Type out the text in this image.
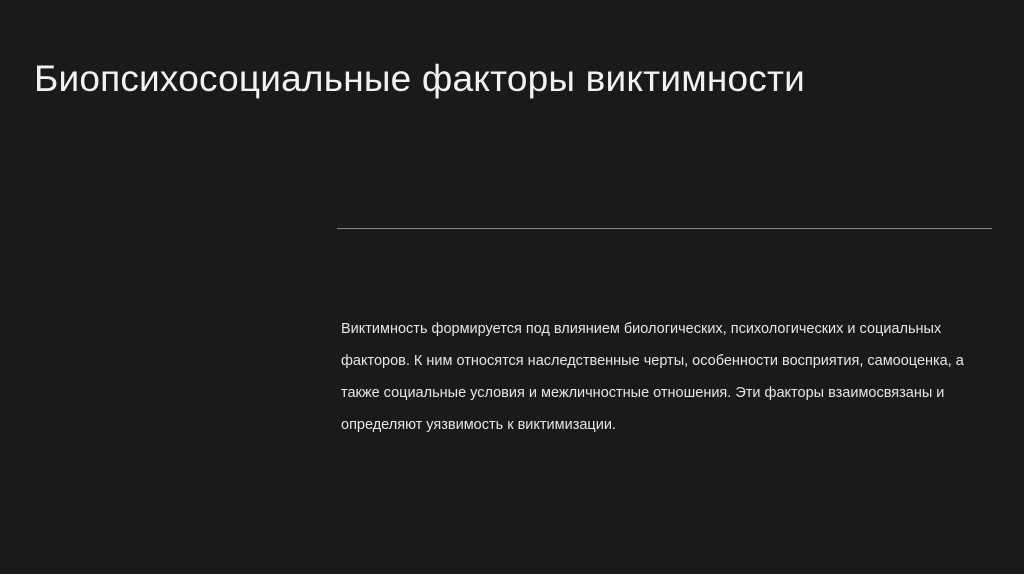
Биопсихосоциальные факторы виктимности

Виктимность формируется под влиянием биологических, психологических и социальных факторов. К ним относятся наследственные черты, особенности восприятия, самооценка, а также социальные условия и межличностные отношения. Эти факторы взаимосвязаны и определяют уязвимость к виктимизации.
